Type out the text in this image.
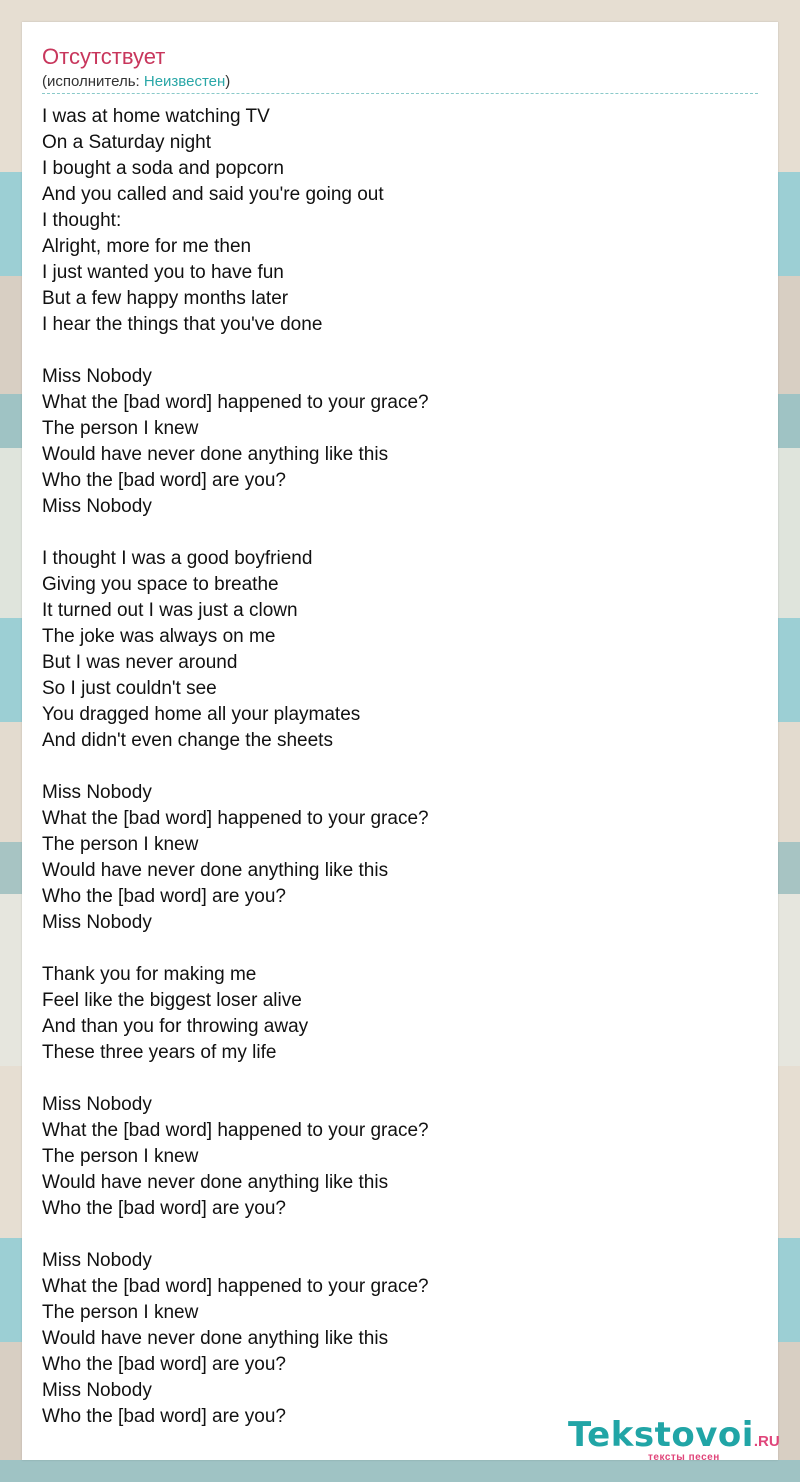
Отсутствует
(исполнитель: Неизвестен)
I was at home watching TV
On a Saturday night
I bought a soda and popcorn
And you called and said you're going out
I thought:
Alright, more for me then
I just wanted you to have fun
But a few happy months later
I hear the things that you've done
Miss Nobody
What the [bad word] happened to your grace?
The person I knew
Would have never done anything like this
Who the [bad word] are you?
Miss Nobody
I thought I was a good boyfriend
Giving you space to breathe
It turned out I was just a clown
The joke was always on me
But I was never around
So I just couldn't see
You dragged home all your playmates
And didn't even change the sheets
Miss Nobody
What the [bad word] happened to your grace?
The person I knew
Would have never done anything like this
Who the [bad word] are you?
Miss Nobody
Thank you for making me
Feel like the biggest loser alive
And than you for throwing away
These three years of my life
Miss Nobody
What the [bad word] happened to your grace?
The person I knew
Would have never done anything like this
Who the [bad word] are you?
Miss Nobody
What the [bad word] happened to your grace?
The person I knew
Would have never done anything like this
Who the [bad word] are you?
Miss Nobody
Who the [bad word] are you?	Tekstovoi.RU
тексты песен
